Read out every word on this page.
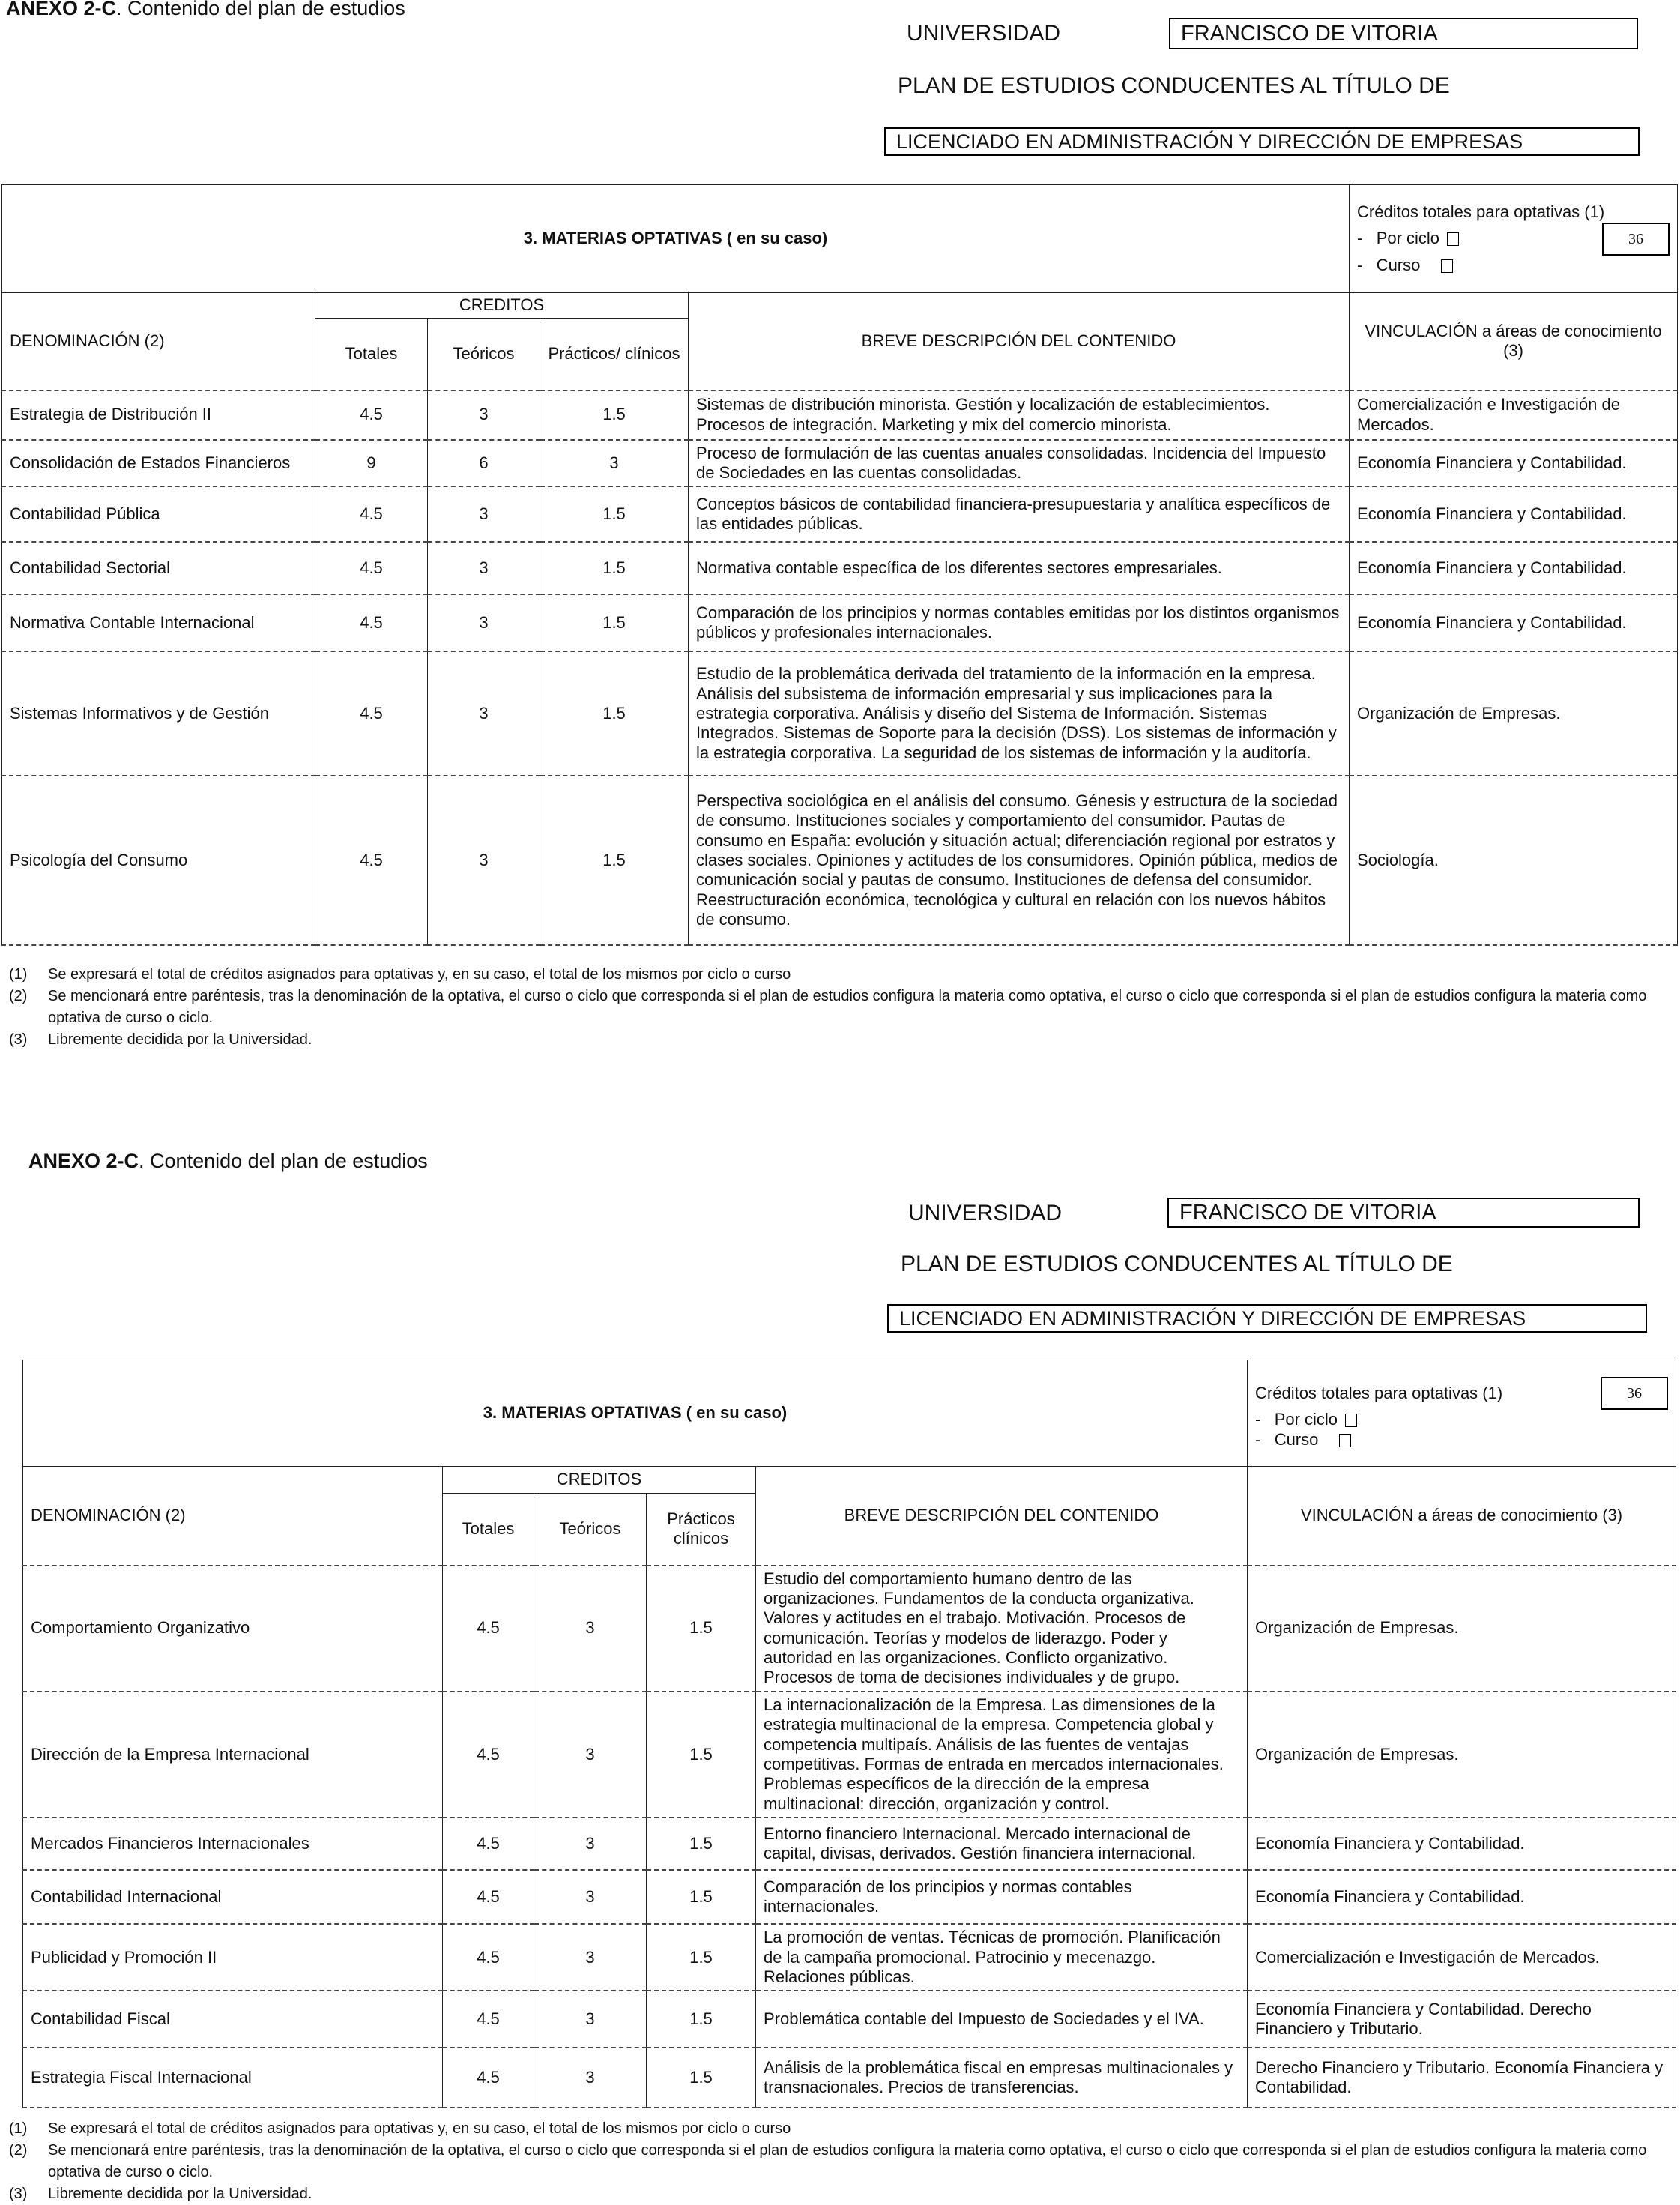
ANEXO 2-C. Contenido del plan de estudios
UNIVERSIDAD	FRANCISCO DE VITORIA
PLAN DE ESTUDIOS CONDUCENTES AL TÍTULO DE
LICENCIADO EN ADMINISTRACIÓN Y DIRECCIÓN DE EMPRESAS
3. MATERIAS OPTATIVAS ( en su caso)					Créditos totales para optativas (1)
-   Por ciclo 36
-   Curso

DENOMINACIÓN (2)	CREDITOS			BREVE DESCRIPCIÓN DEL CONTENIDO	VINCULACIÓN a áreas de conocimiento (3)
	Totales	Teóricos	Prácticos/ clínicos		
Estrategia de Distribución II	4.5	3	1.5	Sistemas de distribución minorista. Gestión y localización de establecimientos. Procesos de integración. Marketing y mix del comercio minorista.	Comercialización e Investigación de Mercados.
Consolidación de Estados Financieros	9	6	3	Proceso de formulación de las cuentas anuales consolidadas. Incidencia del Impuesto de Sociedades en las cuentas consolidadas.	Economía Financiera y Contabilidad.
Contabilidad Pública	4.5	3	1.5	Conceptos básicos de contabilidad financiera-presupuestaria y analítica específicos de las entidades públicas.	Economía Financiera y Contabilidad.
Contabilidad Sectorial	4.5	3	1.5	Normativa contable específica de los diferentes sectores empresariales.	Economía Financiera y Contabilidad.
Normativa Contable Internacional	4.5	3	1.5	Comparación de los principios y normas contables emitidas por los distintos organismos públicos y profesionales internacionales.	Economía Financiera y Contabilidad.
Sistemas Informativos y de Gestión	4.5	3	1.5	Estudio de la problemática derivada del tratamiento de la información en la empresa. Análisis del subsistema de información empresarial y sus implicaciones para la estrategia corporativa. Análisis y diseño del Sistema de Información. Sistemas Integrados. Sistemas de Soporte para la decisión (DSS). Los sistemas de información y la estrategia corporativa. La seguridad de los sistemas de información y la auditoría.	Organización de Empresas.
Psicología del Consumo	4.5	3	1.5	Perspectiva sociológica en el análisis del consumo. Génesis y estructura de la sociedad de consumo. Instituciones sociales y comportamiento del consumidor. Pautas de consumo en España: evolución y situación actual; diferenciación regional por estratos y clases sociales. Opiniones y actitudes de los consumidores. Opinión pública, medios de comunicación social y pautas de consumo. Instituciones de defensa del consumidor. Reestructuración económica, tecnológica y cultural en relación con los nuevos hábitos de consumo.	Sociología.
(1)	Se expresará el total de créditos asignados para optativas y, en su caso, el total de los mismos por ciclo o curso
(2)	Se mencionará entre paréntesis, tras la denominación de la optativa, el curso o ciclo que corresponda si el plan de estudios configura la materia como optativa, el curso o ciclo que corresponda si el plan de estudios configura la materia como optativa de curso o ciclo.
(3)	Libremente decidida por la Universidad.
ANEXO 2-C. Contenido del plan de estudios
UNIVERSIDAD	FRANCISCO DE VITORIA
PLAN DE ESTUDIOS CONDUCENTES AL TÍTULO DE
LICENCIADO EN ADMINISTRACIÓN Y DIRECCIÓN DE EMPRESAS
3. MATERIAS OPTATIVAS ( en su caso)					Créditos totales para optativas (1) 36
-   Por ciclo
-   Curso

DENOMINACIÓN (2)	CREDITOS			BREVE DESCRIPCIÓN DEL CONTENIDO	VINCULACIÓN a áreas de conocimiento (3)
	Totales	Teóricos	Prácticos clínicos		
Comportamiento Organizativo	4.5	3	1.5	Estudio del comportamiento humano dentro de las organizaciones. Fundamentos de la conducta organizativa. Valores y actitudes en el trabajo. Motivación. Procesos de comunicación. Teorías y modelos de liderazgo. Poder y autoridad en las organizaciones. Conflicto organizativo. Procesos de toma de decisiones individuales y de grupo.	Organización de Empresas.
Dirección de la Empresa Internacional	4.5	3	1.5	La internacionalización de la Empresa. Las dimensiones de la estrategia multinacional de la empresa. Competencia global y competencia multipaís. Análisis de las fuentes de ventajas competitivas. Formas de entrada en mercados internacionales. Problemas específicos de la dirección de la empresa multinacional: dirección, organización y control.	Organización de Empresas.
Mercados Financieros Internacionales	4.5	3	1.5	Entorno financiero Internacional. Mercado internacional de capital, divisas, derivados. Gestión financiera internacional.	Economía Financiera y Contabilidad.
Contabilidad Internacional	4.5	3	1.5	Comparación de los principios y normas contables internacionales.	Economía Financiera y Contabilidad.
Publicidad y Promoción II	4.5	3	1.5	La promoción de ventas. Técnicas de promoción. Planificación de la campaña promocional. Patrocinio y mecenazgo. Relaciones públicas.	Comercialización e Investigación de Mercados.
Contabilidad Fiscal	4.5	3	1.5	Problemática contable del Impuesto de Sociedades y el IVA.	Economía Financiera y Contabilidad. Derecho Financiero y Tributario.
Estrategia Fiscal Internacional	4.5	3	1.5	Análisis de la problemática fiscal en empresas multinacionales y transnacionales. Precios de transferencias.	Derecho Financiero y Tributario. Economía Financiera y Contabilidad.
(1)	Se expresará el total de créditos asignados para optativas y, en su caso, el total de los mismos por ciclo o curso
(2)	Se mencionará entre paréntesis, tras la denominación de la optativa, el curso o ciclo que corresponda si el plan de estudios configura la materia como optativa, el curso o ciclo que corresponda si el plan de estudios configura la materia como optativa de curso o ciclo.
(3)	Libremente decidida por la Universidad.
